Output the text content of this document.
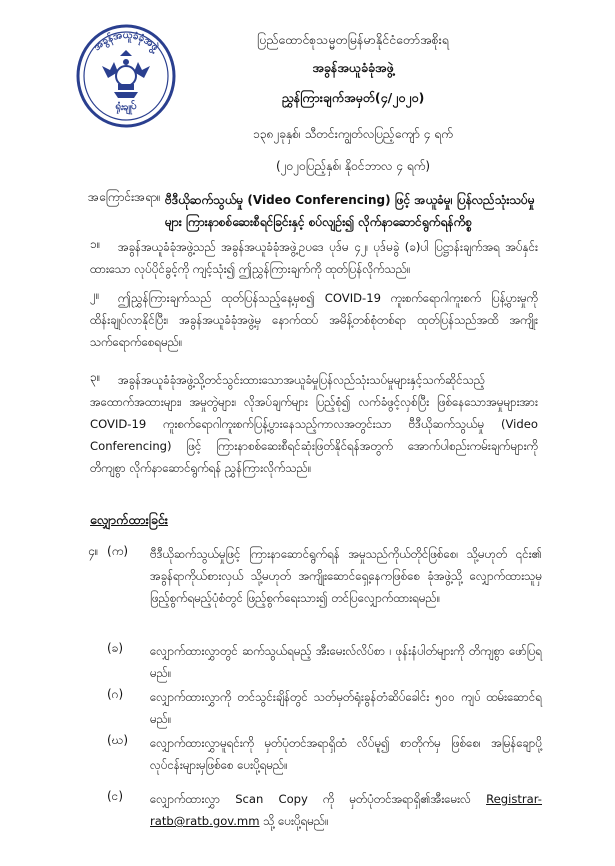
အခွန်အယူခံခုံအဖွဲ့
ရုံးချုပ်
ပြည်ထောင်စုသမ္မတမြန်မာနိုင်ငံတော်အစိုးရ
အခွန်အယူခံခုံအဖွဲ့
ညွှန်ကြားချက်အမှတ်(၄/၂၀၂၀)
၁၃၈၂ခုနှစ်၊ သီတင်းကျွတ်လပြည့်ကျော် ၄ ရက်
(၂၀၂၀ပြည့်နှစ်၊ နိုဝင်ဘာလ ၄ ရက်)
အကြောင်းအရာ။ ဗီဒီယိုဆက်သွယ်မှု (Video Conferencing) ဖြင့် အယူခံမှု၊ ပြန်လည်သုံးသပ်မှုများ ကြားနာစစ်ဆေးစီရင်ခြင်းနှင့် စပ်လျဉ်း၍ လိုက်နာဆောင်ရွက်ရန်ကိစ္စ
၁။	အခွန်အယူခံခုံအဖွဲ့သည် အခွန်အယူခံခုံအဖွဲ့ဥပဒေ ပုဒ်မ ၄၂၊ ပုဒ်မခွဲ (ခ)ပါ ပြဋ္ဌာန်းချက်အရ အပ်နှင်းထားသော လုပ်ပိုင်ခွင့်ကို ကျင့်သုံး၍ ဤညွှန်ကြားချက်ကို ထုတ်ပြန်လိုက်သည်။
၂။	ဤညွှန်ကြားချက်သည် ထုတ်ပြန်သည့်နေ့မှစ၍ COVID-19 ကူးစက်ရောဂါကူးစက် ပြန့်ပွားမှုကို ထိန်းချုပ်လာနိုင်ပြီး၊ အခွန်အယူခံခုံအဖွဲ့မှ နောက်ထပ် အမိန့်တစ်စုံတစ်ရာ ထုတ်ပြန်သည်အထိ အကျိုးသက်ရောက်စေရမည်။
၃။	အခွန်အယူခံခုံအဖွဲ့သို့တင်သွင်းထားသောအယူခံမှုပြန်လည်သုံးသပ်မှုများနှင့်သက်ဆိုင်သည့် အထောက်အထားများ၊ အမှုတွဲများ၊ လိုအပ်ချက်များ ပြည့်စုံ၍ လက်ခံဖွင့်လှစ်ပြီး ဖြစ်နေသောအမှုများအား COVID-19 ကူးစက်ရောဂါကူးစက်ပြန့်ပွားနေသည့်ကာလအတွင်းသာ ဗီဒီယိုဆက်သွယ်မှု (Video Conferencing) ဖြင့် ကြားနာစစ်ဆေးစီရင်ဆုံးဖြတ်နိုင်ရန်အတွက် အောက်ပါစည်းကမ်းချက်များကို တိကျစွာ လိုက်နာဆောင်ရွက်ရန် ညွှန်ကြားလိုက်သည်။
လျှောက်ထားခြင်း
၄။ (က) ဗီဒီယိုဆက်သွယ်မှုဖြင့် ကြားနာဆောင်ရွက်ရန် အမှုသည်ကိုယ်တိုင်ဖြစ်စေ၊ သို့မဟုတ် ၎င်း၏ အခွန်ရာကိုယ်စားလှယ် သို့မဟုတ် အကျိုးဆောင်ရှေ့နေကဖြစ်စေ ခုံအဖွဲ့သို့ လျှောက်ထားသူမှ ဖြည့်စွက်ရမည့်ပုံစံတွင် ဖြည့်စွက်ရေးသား၍ တင်ပြလျှောက်ထားရမည်။
(ခ) လျှောက်ထားလွှာတွင် ဆက်သွယ်ရမည့် အီးမေးလ်လိပ်စာ ၊ ဖုန်းနံပါတ်များကို တိကျစွာ ဖော်ပြရမည်။
(ဂ) လျှောက်ထားလွှာကို တင်သွင်းချိန်တွင် သတ်မှတ်ရုံးခွန်တံဆိပ်ခေါင်း ၅၀၀ ကျပ် ထမ်းဆောင်ရမည်။
(ဃ) လျှောက်ထားလွှာမူရင်းကို မှတ်ပုံတင်အရာရှိထံ လိပ်မူ၍ စာတိုက်မှ ဖြစ်စေ၊ အမြန်ချောပို့ လုပ်ငန်းများမှဖြစ်စေ ပေးပို့ရမည်။
(င) လျှောက်ထားလွှာ Scan Copy ကို မှတ်ပုံတင်အရာရှိ၏အီးမေးလ် Registrar-ratb@ratb.gov.mm သို့ ပေးပို့ရမည်။
